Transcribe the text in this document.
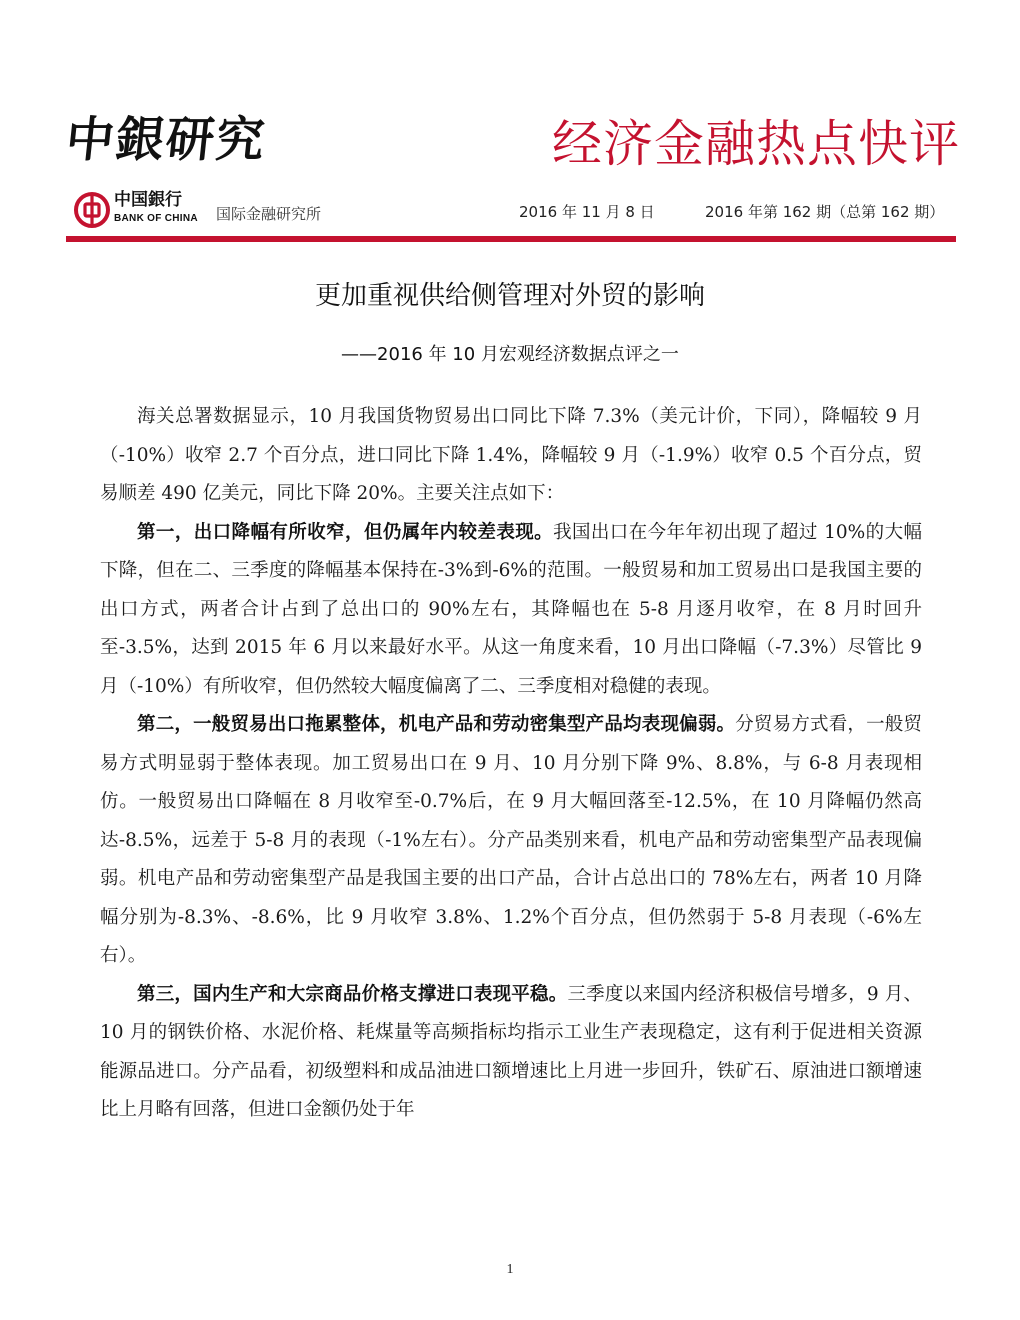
中銀研究	经济金融热点快评
中国銀行
BANK OF CHINA 国际金融研究所	2016 年 11 月 8 日	2016 年第 162 期（总第 162 期）
更加重视供给侧管理对外贸的影响
——2016 年 10 月宏观经济数据点评之一

海关总署数据显示，10 月我国货物贸易出口同比下降 7.3%（美元计价，下同），降幅较 9 月（-10%）收窄 2.7 个百分点，进口同比下降 1.4%，降幅较 9 月（-1.9%）收窄 0.5 个百分点，贸易顺差 490 亿美元，同比下降 20%。主要关注点如下：

第一，出口降幅有所收窄，但仍属年内较差表现。我国出口在今年年初出现了超过 10%的大幅下降，但在二、三季度的降幅基本保持在-3%到-6%的范围。一般贸易和加工贸易出口是我国主要的出口方式，两者合计占到了总出口的 90%左右，其降幅也在 5-8 月逐月收窄，在 8 月时回升至-3.5%，达到 2015 年 6 月以来最好水平。从这一角度来看，10 月出口降幅（-7.3%）尽管比 9 月（-10%）有所收窄，但仍然较大幅度偏离了二、三季度相对稳健的表现。

第二，一般贸易出口拖累整体，机电产品和劳动密集型产品均表现偏弱。分贸易方式看，一般贸易方式明显弱于整体表现。加工贸易出口在 9 月、10 月分别下降 9%、8.8%，与 6-8 月表现相仿。一般贸易出口降幅在 8 月收窄至-0.7%后，在 9 月大幅回落至-12.5%，在 10 月降幅仍然高达-8.5%，远差于 5-8 月的表现（-1%左右）。分产品类别来看，机电产品和劳动密集型产品表现偏弱。机电产品和劳动密集型产品是我国主要的出口产品，合计占总出口的 78%左右，两者 10 月降幅分别为-8.3%、-8.6%，比 9 月收窄 3.8%、1.2%个百分点，但仍然弱于 5-8 月表现（-6%左右）。

第三，国内生产和大宗商品价格支撑进口表现平稳。三季度以来国内经济积极信号增多，9 月、10 月的钢铁价格、水泥价格、耗煤量等高频指标均指示工业生产表现稳定，这有利于促进相关资源能源品进口。分产品看，初级塑料和成品油进口额增速比上月进一步回升，铁矿石、原油进口额增速比上月略有回落，但进口金额仍处于年

1
